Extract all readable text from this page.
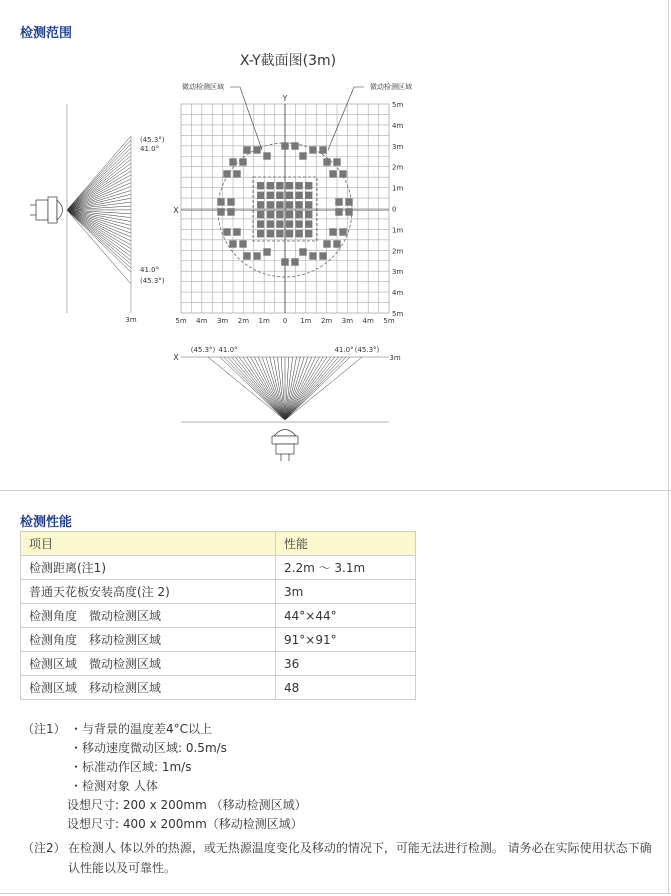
检测范围
X-Y截面图(3m)
X
Y
微动检测区域	微动检测区域
5m
4m
3m
2m
1m
0
1m
2m
3m
4m
5m
5m 4m 3m 2m 1m 0 1m 2m 3m 4m 5m
(45.3°)
41.0°
41.0°
(45.3°)
3m
X
(45.3°) 41.0°	41.0° (45.3°)
3m
检测性能
项目	性能
检测距离(注1)	2.2m ～ 3.1m
普通天花板安装高度(注 2)	3m
检测角度　微动检测区域	44°×44°
检测角度　移动检测区域	91°×91°
检测区域　微动检测区域	36
检测区域　移动检测区域	48
（注1） ・与背景的温度差4°C以上
・移动速度微动区域: 0.5m/s
・标准动作区域: 1m/s
・检测对象 人体
设想尺寸: 200 x 200mm （移动检测区域）
设想尺寸: 400 x 200mm（移动检测区域）
（注2） 在检测人 体以外的热源，或无热源温度变化及移动的情况下，可能无法进行检测。 请务必在实际使用状态下确认性能以及可靠性。
